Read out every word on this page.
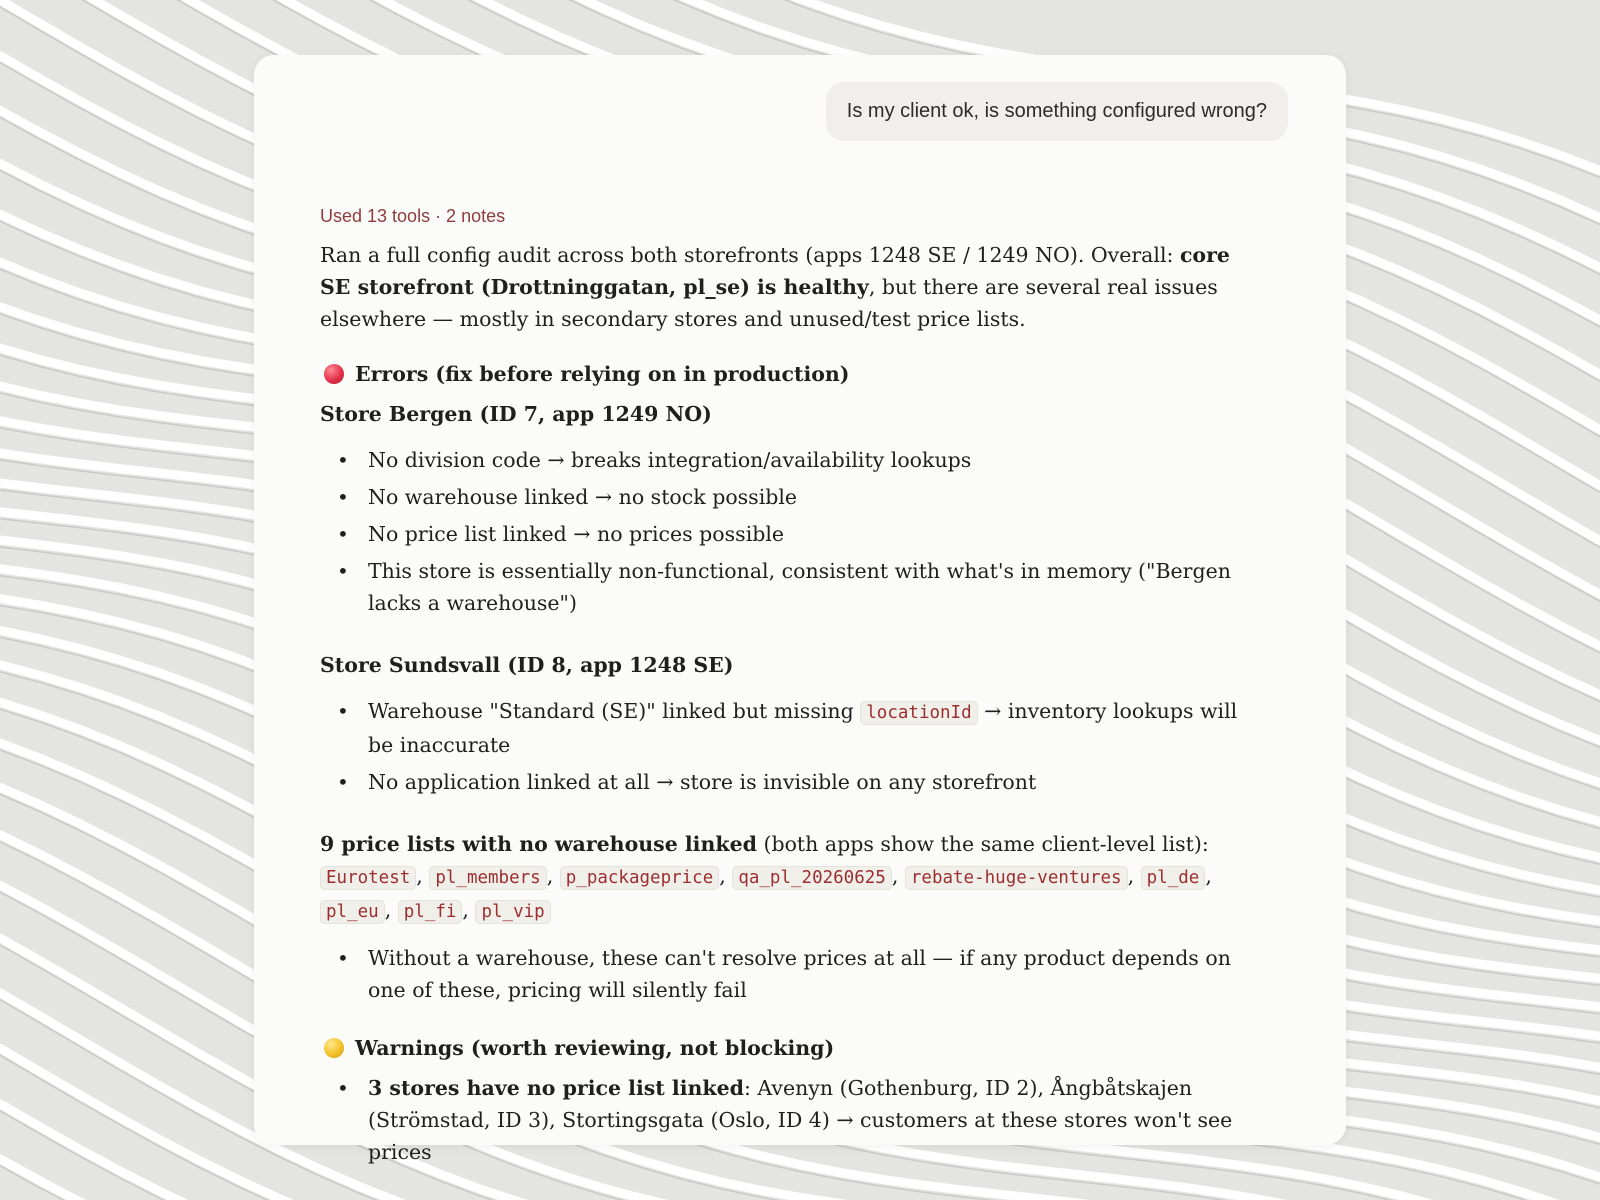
Is my client ok, is something configured wrong?
Used 13 tools · 2 notes

Ran a full config audit across both storefronts (apps 1248 SE / 1249 NO). Overall: core SE storefront (Drottninggatan, pl_se) is healthy, but there are several real issues elsewhere — mostly in secondary stores and unused/test price lists.

Errors (fix before relying on in production)
Store Bergen (ID 7, app 1249 NO)
• No division code → breaks integration/availability lookups
• No warehouse linked → no stock possible
• No price list linked → no prices possible
• This store is essentially non-functional, consistent with what's in memory ("Bergen lacks a warehouse")
Store Sundsvall (ID 8, app 1248 SE)
• Warehouse "Standard (SE)" linked but missing locationId → inventory lookups will be inaccurate
• No application linked at all → store is invisible on any storefront

9 price lists with no warehouse linked (both apps show the same client-level list): Eurotest , pl_members , p_packageprice , qa_pl_20260625 , rebate-huge-ventures , pl_de , pl_eu , pl_fi , pl_vip

• Without a warehouse, these can't resolve prices at all — if any product depends on one of these, pricing will silently fail
Warnings (worth reviewing, not blocking)
• 3 stores have no price list linked: Avenyn (Gothenburg, ID 2), Ångbåtskajen (Strömstad, ID 3), Stortingsgata (Oslo, ID 4) → customers at these stores won't see prices
